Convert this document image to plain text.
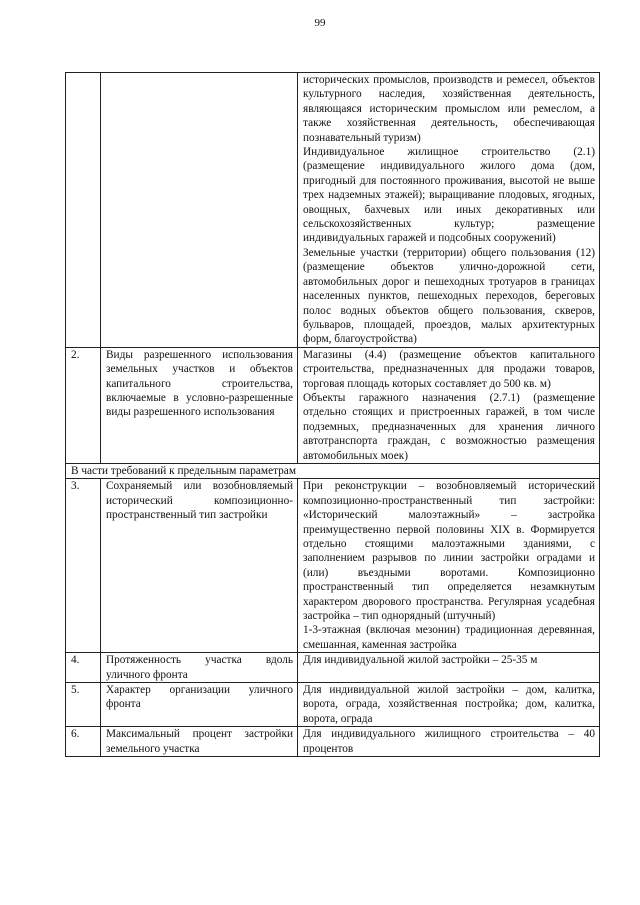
99

		исторических промыслов, производств и ремесел, объектов культурного наследия, хозяйственная деятельность, являющаяся историческим промыслом или ремеслом, а также хозяйственная деятельность, обеспечивающая познавательный туризм)
Индивидуальное жилищное строительство (2.1) (размещение индивидуального жилого дома (дом, пригодный для постоянного проживания, высотой не выше трех надземных этажей); выращивание плодовых, ягодных, овощных, бахчевых или иных декоративных или сельскохозяйственных культур; размещение индивидуальных гаражей и подсобных сооружений)
Земельные участки (территории) общего пользования (12) (размещение объектов улично-дорожной сети, автомобильных дорог и пешеходных тротуаров в границах населенных пунктов, пешеходных переходов, береговых полос водных объектов общего пользования, скверов, бульваров, площадей, проездов, малых архитектурных форм, благоустройства)

2.	Виды разрешенного использования земельных участков и объектов капитального строительства, включаемые в условно-разрешенные виды разрешенного использования	Магазины (4.4) (размещение объектов капитального строительства, предназначенных для продажи товаров, торговая площадь которых составляет до 500 кв. м)
Объекты гаражного назначения (2.7.1) (размещение отдельно стоящих и пристроенных гаражей, в том числе подземных, предназначенных для хранения личного автотранспорта граждан, с возможностью размещения автомобильных моек)

В части требований к предельным параметрам		
3.	Сохраняемый или возобновляемый исторический композиционно-пространственный тип застройки	При реконструкции – возобновляемый исторический композиционно-пространственный тип застройки: «Исторический малоэтажный» – застройка преимущественно первой половины XIX в. Формируется отдельно стоящими малоэтажными зданиями, с заполнением разрывов по линии застройки оградами и (или) въездными воротами. Композиционно пространственный тип определяется незамкнутым характером дворового пространства. Регулярная усадебная застройка – тип однорядный (штучный)
1-3-этажная (включая мезонин) традиционная деревянная, смешанная, каменная застройка

4.	Протяженность участка вдоль уличного фронта	Для индивидуальной жилой застройки – 25-35 м

5.	Характер организации уличного фронта	Для индивидуальной жилой застройки – дом, калитка, ворота, ограда, хозяйственная постройка; дом, калитка, ворота, ограда

6.	Максимальный процент застройки земельного участка	Для индивидуального жилищного строительства – 40 процентов
